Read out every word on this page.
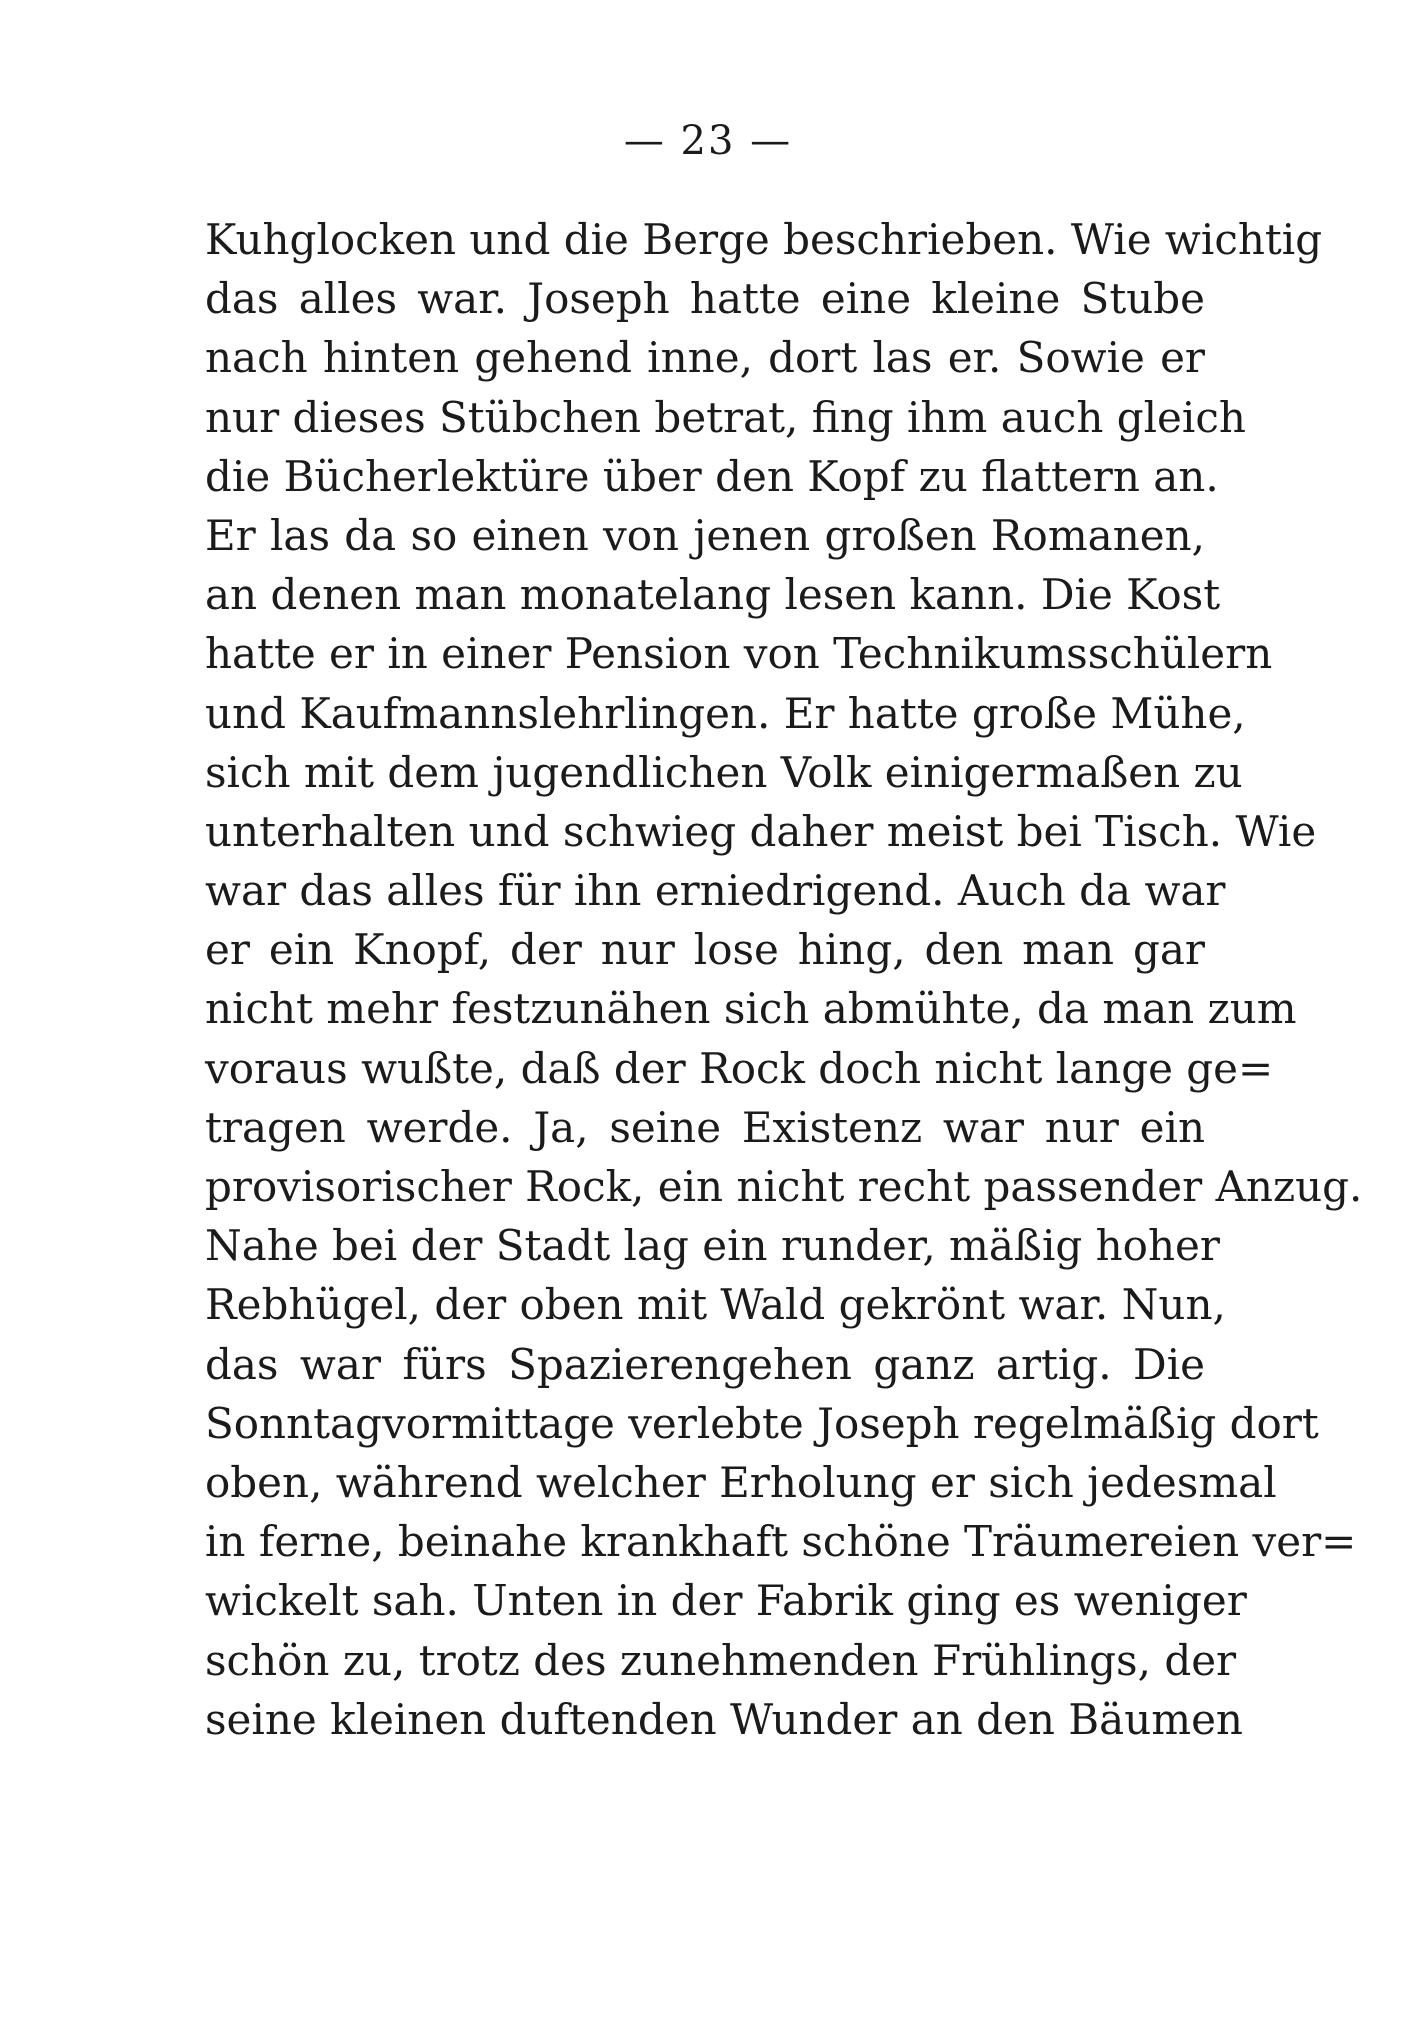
— 23 —
Kuhglocken und die Berge beschrieben. Wie wichtig
das alles war. Joseph hatte eine kleine Stube
nach hinten gehend inne, dort las er. Sowie er
nur dieses Stübchen betrat, fing ihm auch gleich
die Bücherlektüre über den Kopf zu flattern an.
Er las da so einen von jenen großen Romanen,
an denen man monatelang lesen kann. Die Kost
hatte er in einer Pension von Technikumsschülern
und Kaufmannslehrlingen. Er hatte große Mühe,
sich mit dem jugendlichen Volk einigermaßen zu
unterhalten und schwieg daher meist bei Tisch. Wie
war das alles für ihn erniedrigend. Auch da war
er ein Knopf, der nur lose hing, den man gar
nicht mehr festzunähen sich abmühte, da man zum
voraus wußte, daß der Rock doch nicht lange ge=
tragen werde. Ja, seine Existenz war nur ein
provisorischer Rock, ein nicht recht passender Anzug.
Nahe bei der Stadt lag ein runder, mäßig hoher
Rebhügel, der oben mit Wald gekrönt war. Nun,
das war fürs Spazierengehen ganz artig. Die
Sonntagvormittage verlebte Joseph regelmäßig dort
oben, während welcher Erholung er sich jedesmal
in ferne, beinahe krankhaft schöne Träumereien ver=
wickelt sah. Unten in der Fabrik ging es weniger
schön zu, trotz des zunehmenden Frühlings, der
seine kleinen duftenden Wunder an den Bäumen
